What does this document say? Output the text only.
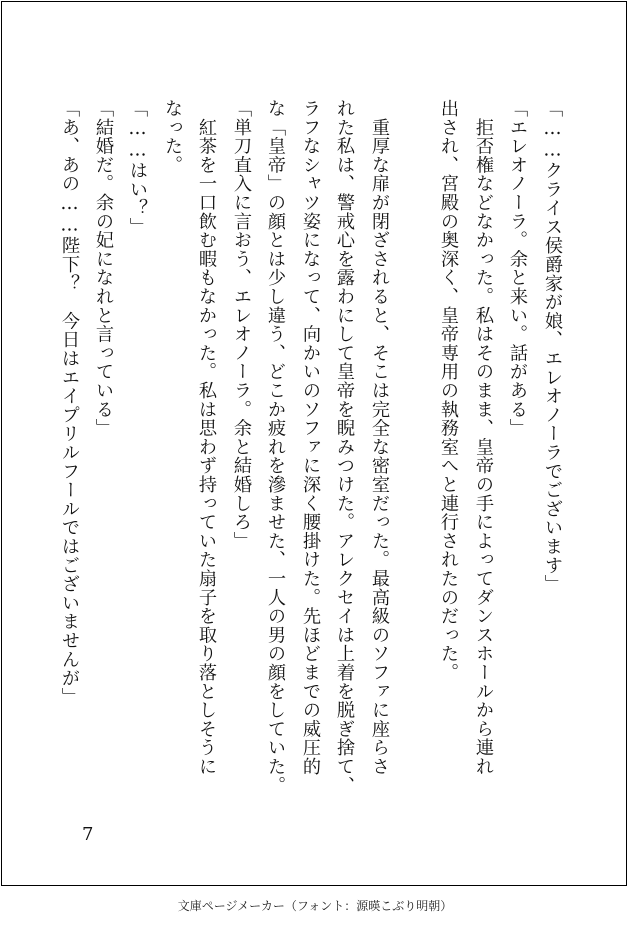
「……クライス侯爵家が娘、エレオノーラでございます」
「エレオノーラ。余と来い。話がある」
　拒否権などなかった。私はそのまま、皇帝の手によってダンスホールから連れ
出され、宮殿の奥深く、皇帝専用の執務室へと連行されたのだった。
　重厚な扉が閉ざされると、そこは完全な密室だった。最高級のソファに座らさ
れた私は、警戒心を露わにして皇帝を睨みつけた。アレクセイは上着を脱ぎ捨て、
ラフなシャツ姿になって、向かいのソファに深く腰掛けた。先ほどまでの威圧的
な「皇帝」の顔とは少し違う、どこか疲れを滲ませた、一人の男の顔をしていた。
「単刀直入に言おう、エレオノーラ。余と結婚しろ」
　紅茶を一口飲む暇もなかった。私は思わず持っていた扇子を取り落としそうに
なった。
「……はい？」
「結婚だ。余の妃になれと言っている」
「あ、あの……陛下？　今日はエイプリルフールではございませんが」
7
文庫ページメーカー（フォント：源暎こぶり明朝）
